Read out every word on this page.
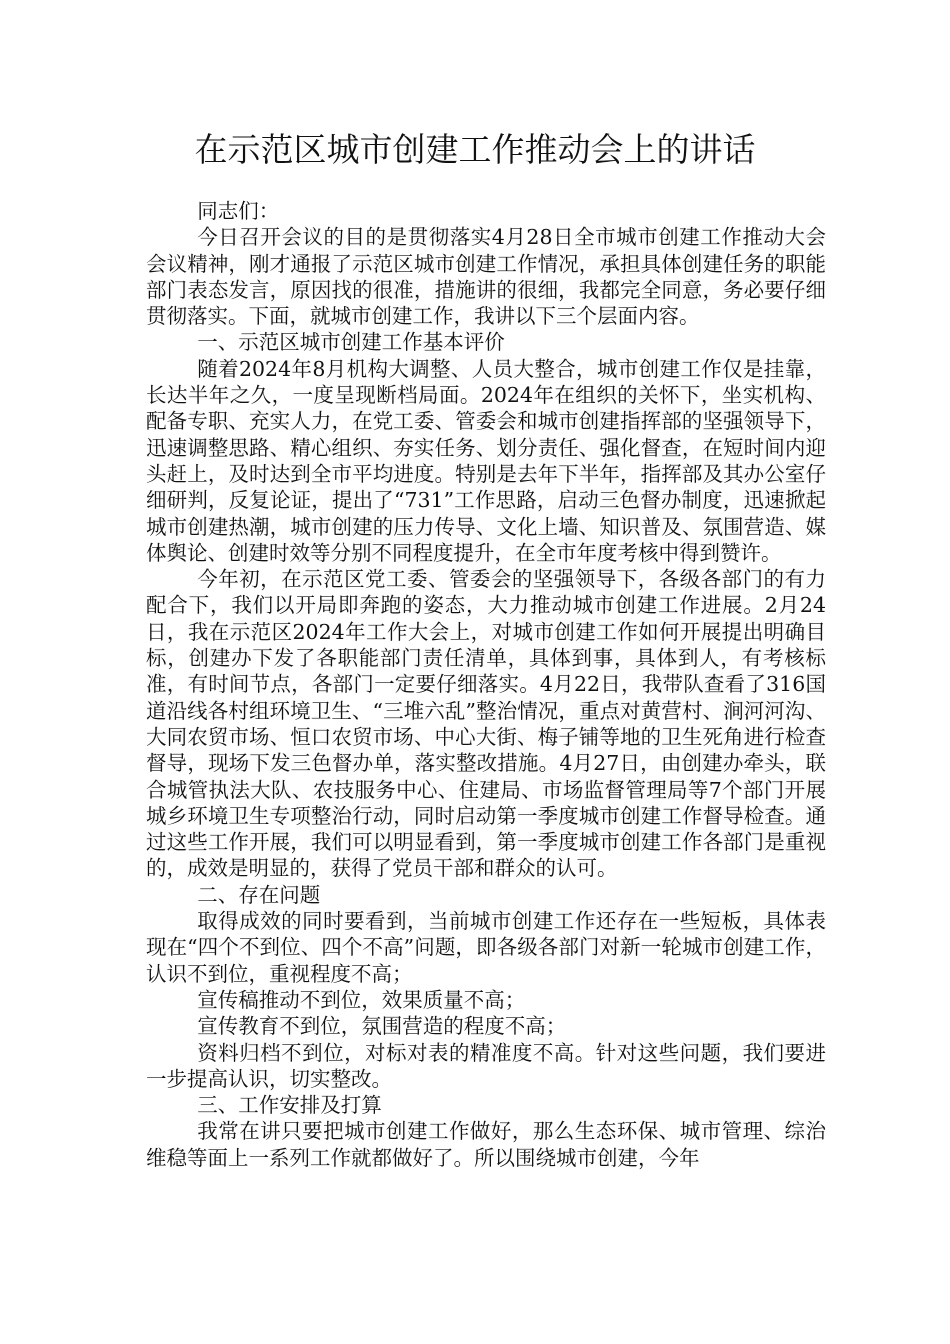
在示范区城市创建工作推动会上的讲话

同志们：

今日召开会议的目的是贯彻落实4月28日全市城市创建工作推动大会会议精神，刚才通报了示范区城市创建工作情况，承担具体创建任务的职能部门表态发言，原因找的很准，措施讲的很细，我都完全同意，务必要仔细贯彻落实。下面，就城市创建工作，我讲以下三个层面内容。

一、示范区城市创建工作基本评价

随着2024年8月机构大调整、人员大整合，城市创建工作仅是挂靠，长达半年之久，一度呈现断档局面。2024年在组织的关怀下，坐实机构、配备专职、充实人力，在党工委、管委会和城市创建指挥部的坚强领导下，迅速调整思路、精心组织、夯实任务、划分责任、强化督查，在短时间内迎头赶上，及时达到全市平均进度。特别是去年下半年，指挥部及其办公室仔细研判，反复论证，提出了“731”工作思路，启动三色督办制度，迅速掀起城市创建热潮，城市创建的压力传导、文化上墙、知识普及、氛围营造、媒体舆论、创建时效等分别不同程度提升，在全市年度考核中得到赞许。

今年初，在示范区党工委、管委会的坚强领导下，各级各部门的有力配合下，我们以开局即奔跑的姿态，大力推动城市创建工作进展。2月24日，我在示范区2024年工作大会上，对城市创建工作如何开展提出明确目标，创建办下发了各职能部门责任清单，具体到事，具体到人，有考核标准，有时间节点，各部门一定要仔细落实。4月22日，我带队查看了316国道沿线各村组环境卫生、“三堆六乱”整治情况，重点对黄营村、涧河河沟、大同农贸市场、恒口农贸市场、中心大街、梅子铺等地的卫生死角进行检查督导，现场下发三色督办单，落实整改措施。4月27日，由创建办牵头，联合城管执法大队、农技服务中心、住建局、市场监督管理局等7个部门开展城乡环境卫生专项整治行动，同时启动第一季度城市创建工作督导检查。通过这些工作开展，我们可以明显看到，第一季度城市创建工作各部门是重视的，成效是明显的，获得了党员干部和群众的认可。

二、存在问题

取得成效的同时要看到，当前城市创建工作还存在一些短板，具体表现在“四个不到位、四个不高”问题，即各级各部门对新一轮城市创建工作，认识不到位，重视程度不高；

宣传稿推动不到位，效果质量不高；

宣传教育不到位，氛围营造的程度不高；

资料归档不到位，对标对表的精准度不高。针对这些问题，我们要进一步提高认识，切实整改。

三、工作安排及打算

我常在讲只要把城市创建工作做好，那么生态环保、城市管理、综治维稳等面上一系列工作就都做好了。所以围绕城市创建，今年
